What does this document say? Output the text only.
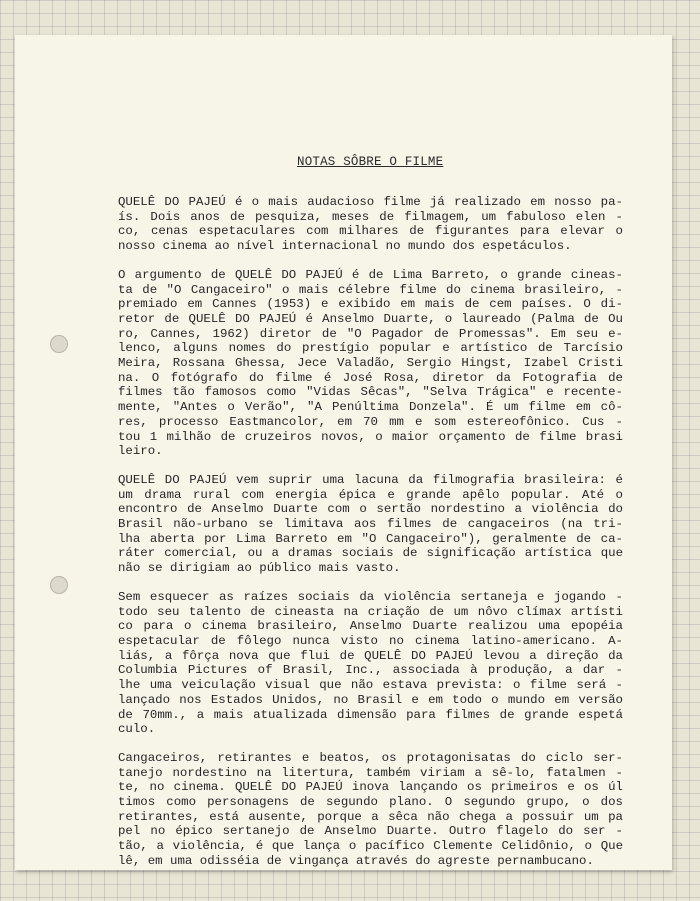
NOTAS SÔBRE O FILME
QUELÊ DO PAJEÚ é o mais audacioso filme já realizado em nosso pa-
ís. Dois anos de pesquiza, meses de filmagem, um fabuloso elen -
co, cenas espetaculares com milhares de figurantes para elevar o
nosso cinema ao nível internacional no mundo dos espetáculos.
O argumento de QUELÊ DO PAJEÚ é de Lima Barreto, o grande cineas-
ta de "O Cangaceiro" o mais célebre filme do cinema brasileiro, -
premiado em Cannes (1953) e exibido em mais de cem países. O di-
retor de QUELÊ DO PAJEÚ é Anselmo Duarte, o laureado (Palma de Ou
ro, Cannes, 1962) diretor de "O Pagador de Promessas". Em seu e-
lenco, alguns nomes do prestígio popular e artístico de Tarcísio
Meira, Rossana Ghessa, Jece Valadão, Sergio Hingst, Izabel Cristi
na. O fotógrafo do filme é José Rosa, diretor da Fotografia de
filmes tão famosos como "Vidas Sêcas", "Selva Trágica" e recente-
mente, "Antes o Verão", "A Penúltima Donzela". É um filme em cô-
res, processo Eastmancolor, em 70 mm e som estereofônico. Cus -
tou 1 milhão de cruzeiros novos, o maior orçamento de filme brasi
leiro.
QUELÊ DO PAJEÚ vem suprir uma lacuna da filmografia brasileira: é
um drama rural com energia épica e grande apêlo popular. Até o
encontro de Anselmo Duarte com o sertão nordestino a violência do
Brasil não-urbano se limitava aos filmes de cangaceiros (na tri-
lha aberta por Lima Barreto em "O Cangaceiro"), geralmente de ca-
ráter comercial, ou a dramas sociais de significação artística que
não se dirigiam ao público mais vasto.
Sem esquecer as raízes sociais da violência sertaneja e jogando -
todo seu talento de cineasta na criação de um nôvo clímax artísti
co para o cinema brasileiro, Anselmo Duarte realizou uma epopéia
espetacular de fôlego nunca visto no cinema latino-americano. A-
liás, a fôrça nova que flui de QUELÊ DO PAJEÚ levou a direção da
Columbia Pictures of Brasil, Inc., associada à produção, a dar -
lhe uma veiculação visual que não estava prevista: o filme será -
lançado nos Estados Unidos, no Brasil e em todo o mundo em versão
de 70mm., a mais atualizada dimensão para filmes de grande espetá
culo.
Cangaceiros, retirantes e beatos, os protagonisatas do ciclo ser-
tanejo nordestino na litertura, também viriam a sê-lo, fatalmen -
te, no cinema. QUELÊ DO PAJEÚ inova lançando os primeiros e os úl
timos como personagens de segundo plano. O segundo grupo, o dos
retirantes, está ausente, porque a sêca não chega a possuir um pa
pel no épico sertanejo de Anselmo Duarte. Outro flagelo do ser -
tão, a violência, é que lança o pacífico Clemente Celidônio, o Que
lê, em uma odisséia de vingança através do agreste pernambucano.
